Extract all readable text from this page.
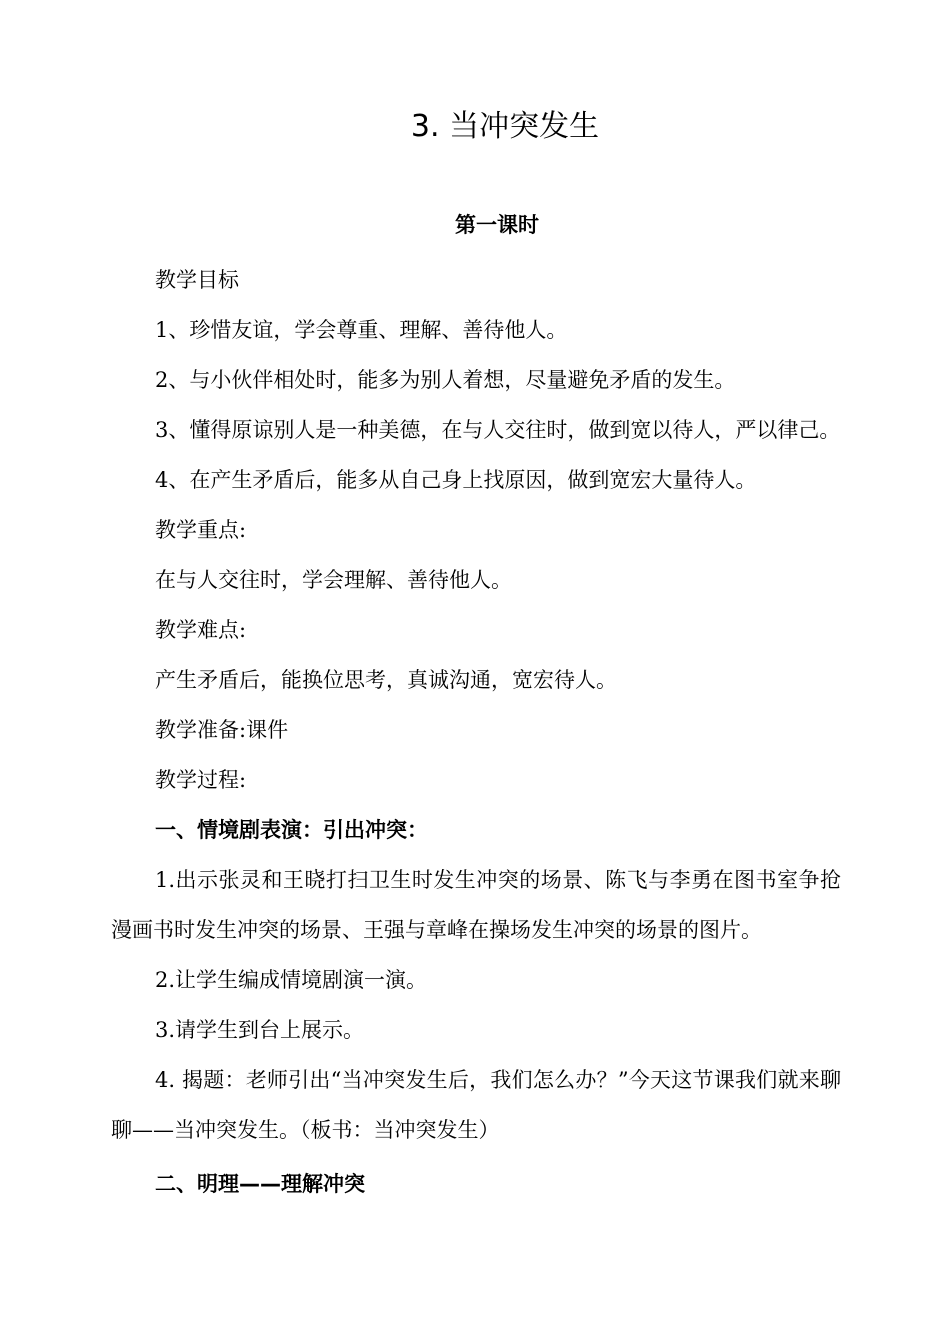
3. 当冲突发生
第一课时

教学目标

1、珍惜友谊，学会尊重、理解、善待他人。

2、与小伙伴相处时，能多为别人着想，尽量避免矛盾的发生。

3、懂得原谅别人是一种美德，在与人交往时，做到宽以待人，严以律己。

4、在产生矛盾后，能多从自己身上找原因，做到宽宏大量待人。

教学重点:

在与人交往时，学会理解、善待他人。

教学难点:

产生矛盾后，能换位思考，真诚沟通，宽宏待人。

教学准备:课件

教学过程:

一、情境剧表演：引出冲突：

1.出示张灵和王晓打扫卫生时发生冲突的场景、陈飞与李勇在图书室争抢漫画书时发生冲突的场景、王强与章峰在操场发生冲突的场景的图片。

2.让学生编成情境剧演一演。

3.请学生到台上展示。

4. 揭题：老师引出“当冲突发生后，我们怎么办？”今天这节课我们就来聊聊——当冲突发生。（板书：当冲突发生）

二、明理——理解冲突
